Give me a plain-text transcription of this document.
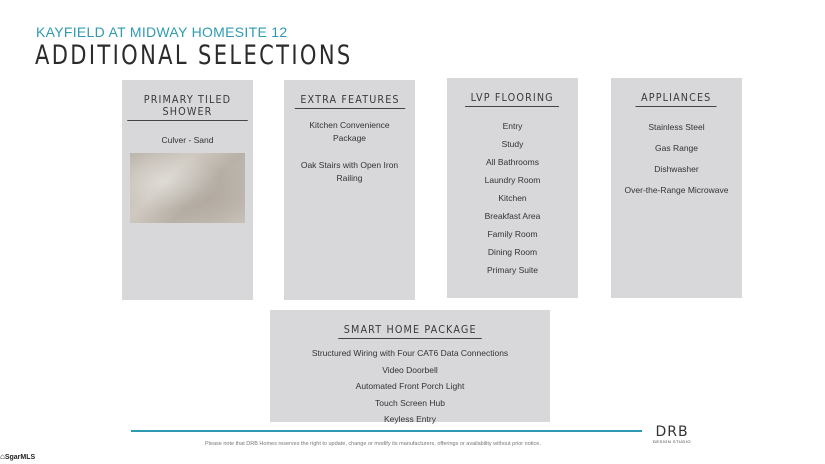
KAYFIELD AT MIDWAY HOMESITE 12
ADDITIONAL SELECTIONS
PRIMARY TILED SHOWER
Culver - Sand
EXTRA FEATURES
Kitchen Convenience Package
Oak Stairs with Open Iron Railing
LVP FLOORING
Entry
Study
All Bathrooms
Laundry Room
Kitchen
Breakfast Area
Family Room
Dining Room
Primary Suite
APPLIANCES
Stainless Steel
Gas Range
Dishwasher
Over-the-Range Microwave
SMART HOME PACKAGE
Structured Wiring with Four CAT6 Data Connections
Video Doorbell
Automated Front Porch Light
Touch Screen Hub
Keyless Entry
Please note that DRB Homes reserves the right to update, change or modify its manufacturers, offerings or availability without prior notice.
DRB
DESIGN STUDIO
⌂SgarMLS
